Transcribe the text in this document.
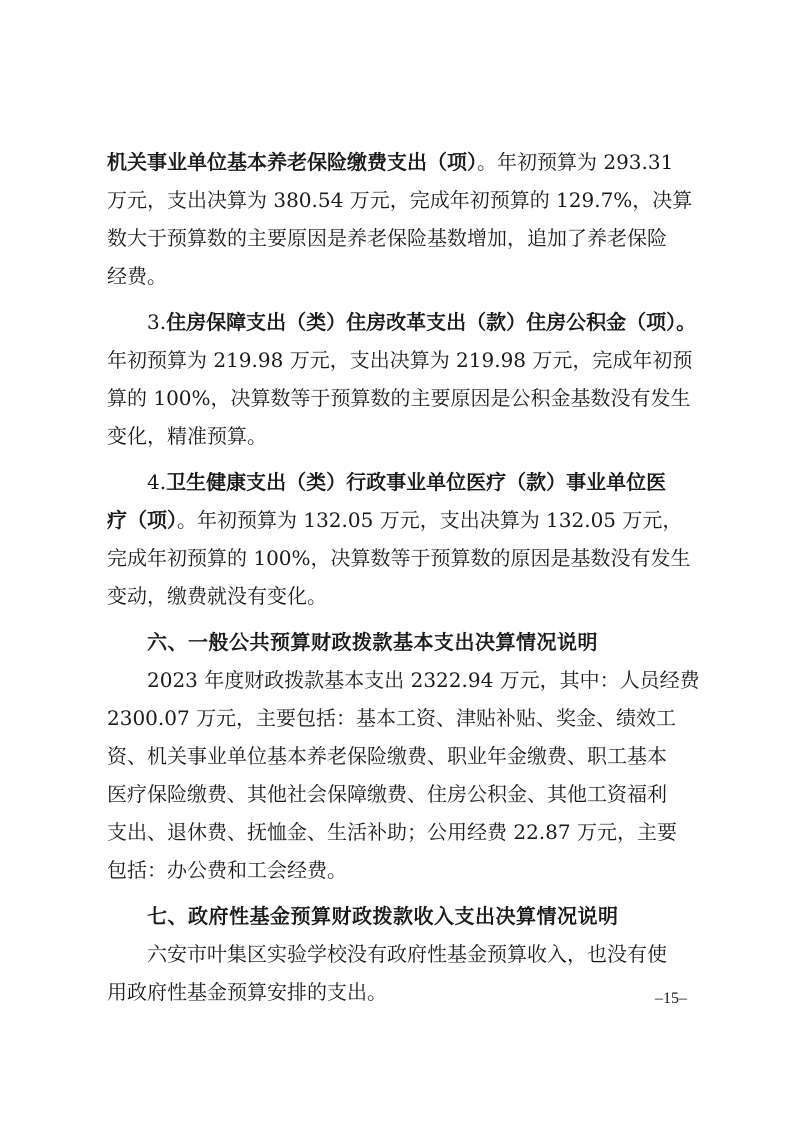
机关事业单位基本养老保险缴费支出（项）。年初预算为 293.31
万元，支出决算为 380.54 万元，完成年初预算的 129.7%，决算
数大于预算数的主要原因是养老保险基数增加，追加了养老保险
经费。
3.住房保障支出（类）住房改革支出（款）住房公积金（项）。
年初预算为 219.98 万元，支出决算为 219.98 万元，完成年初预
算的 100%，决算数等于预算数的主要原因是公积金基数没有发生
变化，精准预算。
4.卫生健康支出（类）行政事业单位医疗（款）事业单位医
疗（项）。年初预算为 132.05 万元，支出决算为 132.05 万元，
完成年初预算的 100%，决算数等于预算数的原因是基数没有发生
变动，缴费就没有变化。
六、一般公共预算财政拨款基本支出决算情况说明
2023 年度财政拨款基本支出 2322.94 万元，其中：人员经费
2300.07 万元，主要包括：基本工资、津贴补贴、奖金、绩效工
资、机关事业单位基本养老保险缴费、职业年金缴费、职工基本
医疗保险缴费、其他社会保障缴费、住房公积金、其他工资福利
支出、退休费、抚恤金、生活补助；公用经费 22.87 万元，主要
包括：办公费和工会经费。
七、政府性基金预算财政拨款收入支出决算情况说明
六安市叶集区实验学校没有政府性基金预算收入，也没有使
用政府性基金预算安排的支出。	–15–
